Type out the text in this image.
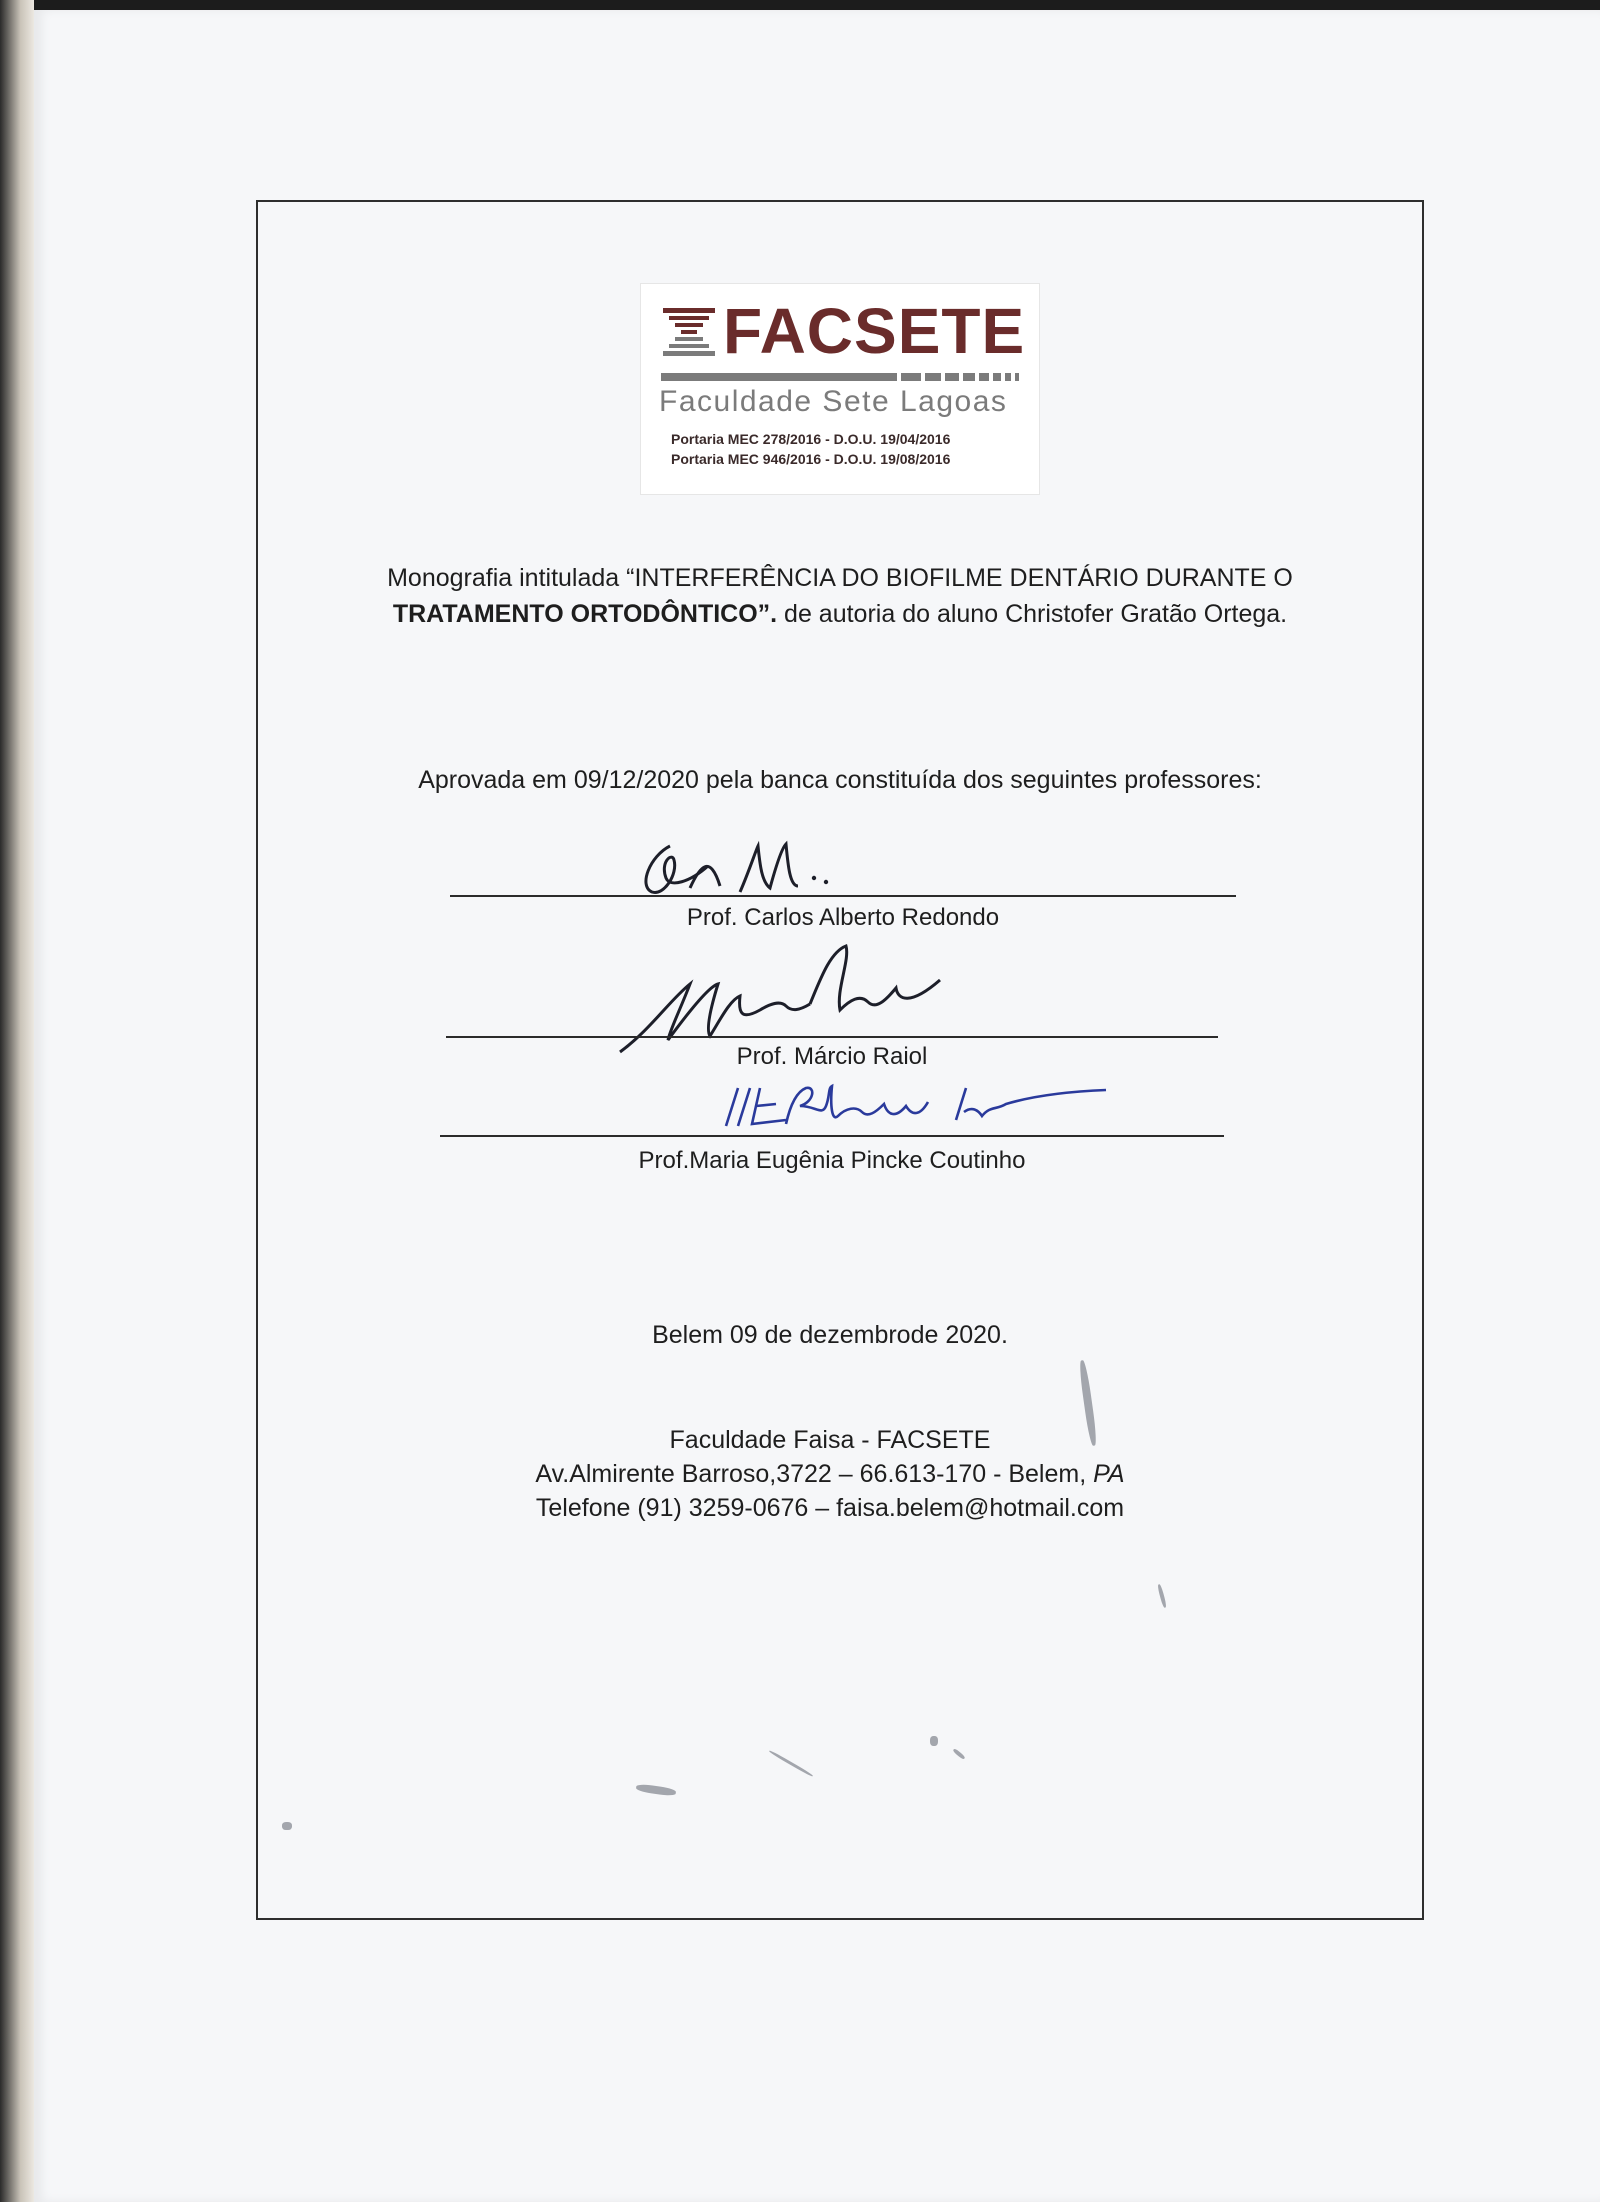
FACSETE
Faculdade Sete Lagoas
Portaria MEC 278/2016 - D.O.U. 19/04/2016
Portaria MEC 946/2016 - D.O.U. 19/08/2016
Monografia intitulada “INTERFERÊNCIA DO BIOFILME DENTÁRIO DURANTE O
TRATAMENTO ORTODÔNTICO”. de autoria do aluno Christofer Gratão Ortega.
Aprovada em 09/12/2020 pela banca constituída dos seguintes professores:
Prof. Carlos Alberto Redondo
Prof. Márcio Raiol
Prof.Maria Eugênia Pincke Coutinho
Belem 09 de dezembrode 2020.
Faculdade Faisa - FACSETE
Av.Almirente Barroso,3722 – 66.613-170 - Belem, PA
Telefone (91) 3259-0676 – faisa.belem@hotmail.com
